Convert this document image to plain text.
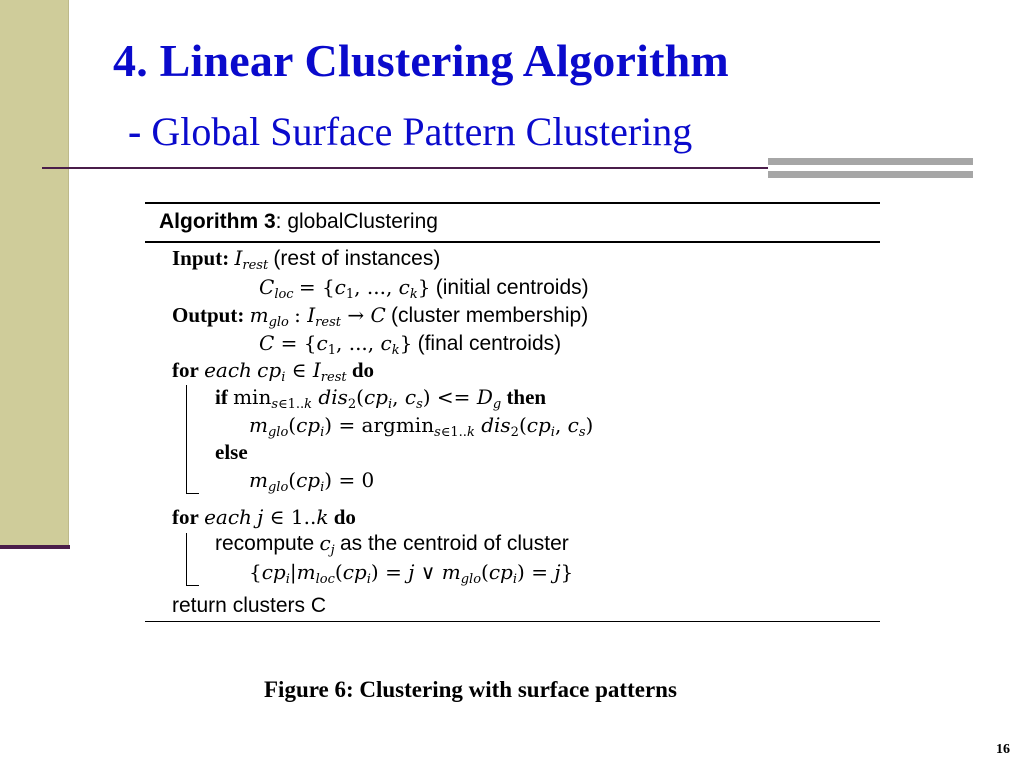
4. Linear Clustering Algorithm
- Global Surface Pattern Clustering
Algorithm 3: globalClustering
Input: $I_{rest}$ (rest of instances)
$C_{loc} = \{c_1$, ..., $c_k$} (initial centroids)
Output: $m_{glo}$ : $I_{rest} \to C$ (cluster membership)
$C = \{c_1$, ..., $c_k$} (final centroids)
for each $cp_i$ ∈ $I_{rest}$ do
if $\min_{s\in 1..k} dis_2(cp_i$, $c_s) <= D_g$ then
$m_{glo}(cp_i) = argmin_{s\in 1..k}$ $dis_2(cp_i$, $c_s$)
else
$m_{glo}(cp_i) = 0$
for each j ∈ 1..k do
recompute $c_j$ as the centroid of cluster
{$cp_i|m_{loc}(cp_i) = j$ ∨ $m_{glo}(cp_i) = j$}
return clusters C
Figure 6: Clustering with surface patterns
16
